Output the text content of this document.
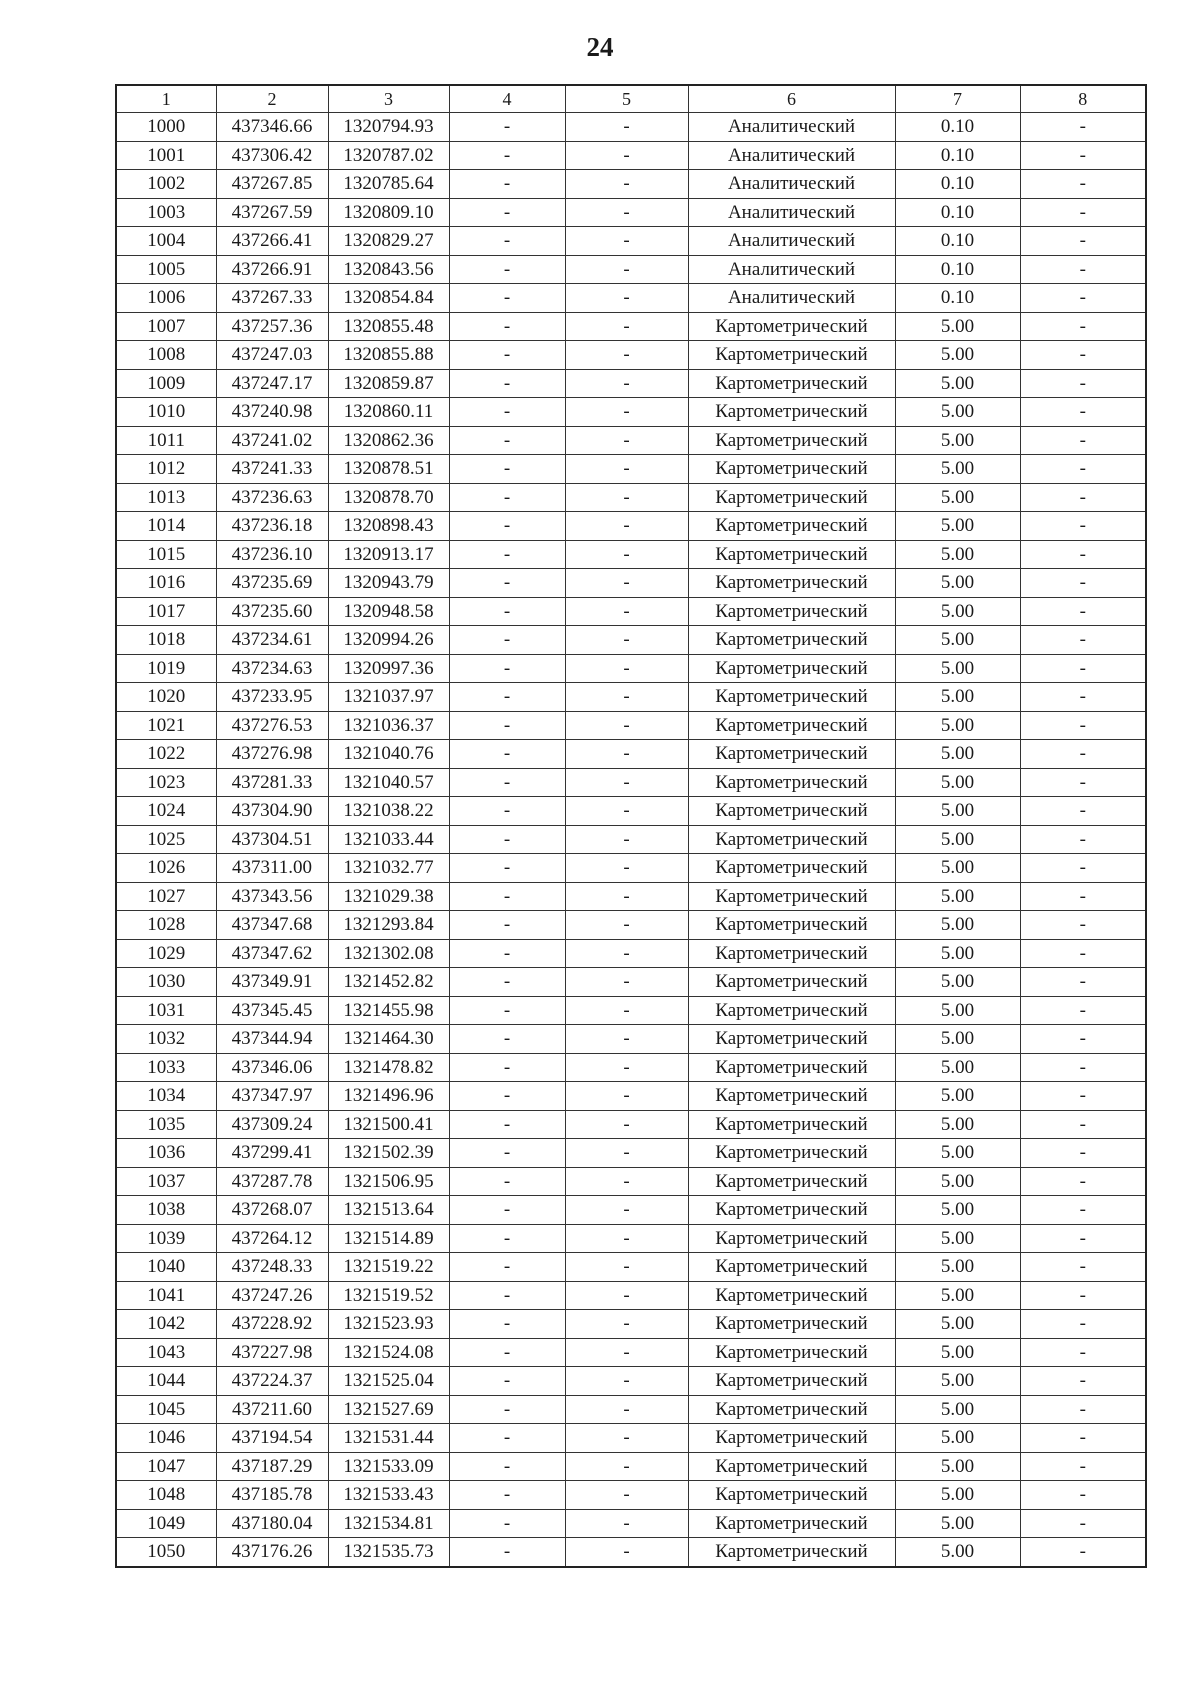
24
1	2	3	4	5	6	7	8
1000	437346.66	1320794.93	-	-	Аналитический	0.10	-
1001	437306.42	1320787.02	-	-	Аналитический	0.10	-
1002	437267.85	1320785.64	-	-	Аналитический	0.10	-
1003	437267.59	1320809.10	-	-	Аналитический	0.10	-
1004	437266.41	1320829.27	-	-	Аналитический	0.10	-
1005	437266.91	1320843.56	-	-	Аналитический	0.10	-
1006	437267.33	1320854.84	-	-	Аналитический	0.10	-
1007	437257.36	1320855.48	-	-	Картометрический	5.00	-
1008	437247.03	1320855.88	-	-	Картометрический	5.00	-
1009	437247.17	1320859.87	-	-	Картометрический	5.00	-
1010	437240.98	1320860.11	-	-	Картометрический	5.00	-
1011	437241.02	1320862.36	-	-	Картометрический	5.00	-
1012	437241.33	1320878.51	-	-	Картометрический	5.00	-
1013	437236.63	1320878.70	-	-	Картометрический	5.00	-
1014	437236.18	1320898.43	-	-	Картометрический	5.00	-
1015	437236.10	1320913.17	-	-	Картометрический	5.00	-
1016	437235.69	1320943.79	-	-	Картометрический	5.00	-
1017	437235.60	1320948.58	-	-	Картометрический	5.00	-
1018	437234.61	1320994.26	-	-	Картометрический	5.00	-
1019	437234.63	1320997.36	-	-	Картометрический	5.00	-
1020	437233.95	1321037.97	-	-	Картометрический	5.00	-
1021	437276.53	1321036.37	-	-	Картометрический	5.00	-
1022	437276.98	1321040.76	-	-	Картометрический	5.00	-
1023	437281.33	1321040.57	-	-	Картометрический	5.00	-
1024	437304.90	1321038.22	-	-	Картометрический	5.00	-
1025	437304.51	1321033.44	-	-	Картометрический	5.00	-
1026	437311.00	1321032.77	-	-	Картометрический	5.00	-
1027	437343.56	1321029.38	-	-	Картометрический	5.00	-
1028	437347.68	1321293.84	-	-	Картометрический	5.00	-
1029	437347.62	1321302.08	-	-	Картометрический	5.00	-
1030	437349.91	1321452.82	-	-	Картометрический	5.00	-
1031	437345.45	1321455.98	-	-	Картометрический	5.00	-
1032	437344.94	1321464.30	-	-	Картометрический	5.00	-
1033	437346.06	1321478.82	-	-	Картометрический	5.00	-
1034	437347.97	1321496.96	-	-	Картометрический	5.00	-
1035	437309.24	1321500.41	-	-	Картометрический	5.00	-
1036	437299.41	1321502.39	-	-	Картометрический	5.00	-
1037	437287.78	1321506.95	-	-	Картометрический	5.00	-
1038	437268.07	1321513.64	-	-	Картометрический	5.00	-
1039	437264.12	1321514.89	-	-	Картометрический	5.00	-
1040	437248.33	1321519.22	-	-	Картометрический	5.00	-
1041	437247.26	1321519.52	-	-	Картометрический	5.00	-
1042	437228.92	1321523.93	-	-	Картометрический	5.00	-
1043	437227.98	1321524.08	-	-	Картометрический	5.00	-
1044	437224.37	1321525.04	-	-	Картометрический	5.00	-
1045	437211.60	1321527.69	-	-	Картометрический	5.00	-
1046	437194.54	1321531.44	-	-	Картометрический	5.00	-
1047	437187.29	1321533.09	-	-	Картометрический	5.00	-
1048	437185.78	1321533.43	-	-	Картометрический	5.00	-
1049	437180.04	1321534.81	-	-	Картометрический	5.00	-
1050	437176.26	1321535.73	-	-	Картометрический	5.00	-
